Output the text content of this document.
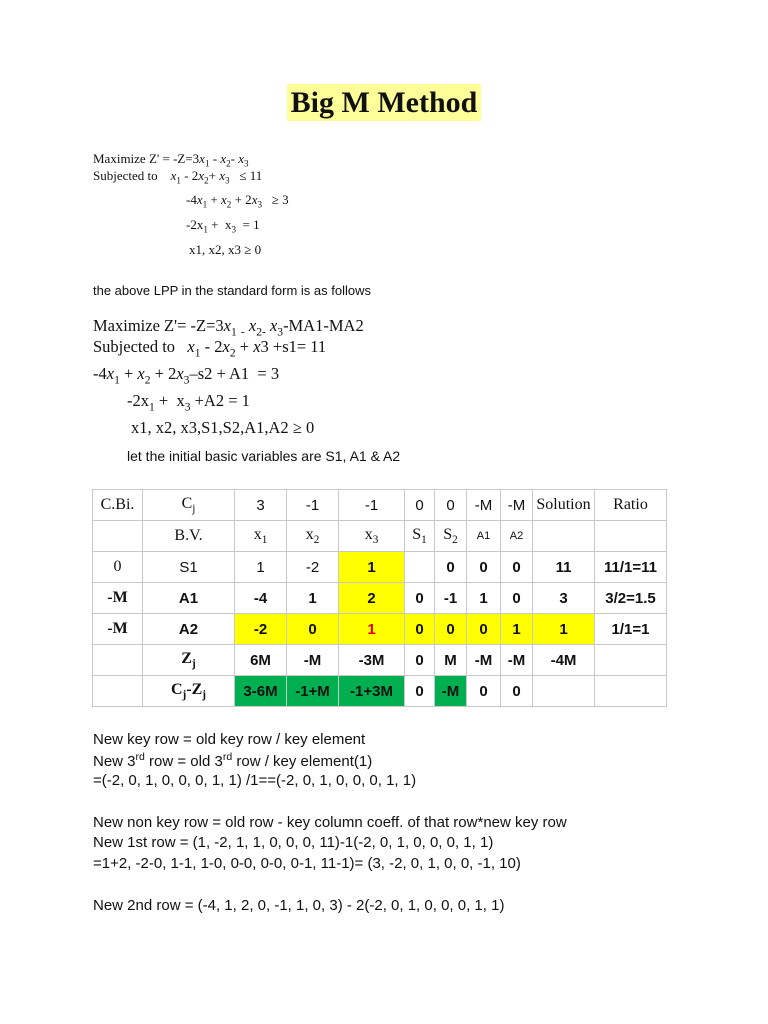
Big M Method
Maximize $Z' = -Z=3x_1 - x_2-$ $x_3$
Subjected to    $x_1 - 2x_2+ x_3 \le 11$
$-4x_1 + x_2 + 2x_3 \ge 3$
$-2x_1 + x_3 = 1$
x1, x2, x3 ≥ 0
the above LPP in the standard form is as follows
Maximize $Z'= -Z=3x_1$ $_-$ $x_{2-}$ $x_3-MA1-MA2$
Subjected to   $x_1 - 2x_2 + x3 +s1= 11$
$-4x_1 + x_2 + 2x_3-s2 + A1 = 3$
$-2x_1 + x_3 +A2 = 1$
x1, x2, x3,S1,S2,A1,A2 ≥ 0
let the initial basic variables are S1, A1 & A2
C.Bi.	$C_j$	3	-1	-1	0	0	-M	-M	Solution	Ratio
	B.V.	$x_1$	$x_2$	$x_3$	$S_1$	$S_2$	A1	A2		
0	S1	1	-2	1		0	0	0	11	11/1=11
-M	A1	-4	1	2	0	-1	1	0	3	3/2=1.5
-M	A2	-2	0	1	0	0	0	1	1	1/1=1
	$Z_j$	6M	-M	-3M	0	M	-M	-M	-4M	
	$C_j-Z_j$	3-6M	-1+M	-1+3M	0	-M	0	0		
New key row = old key row / key element
New 3rd row = old 3rd row / key element(1)
=(-2, 0, 1, 0, 0, 0, 1, 1) /1==(-2, 0, 1, 0, 0, 0, 1, 1)
New non key row = old row - key column coeff. of that row*new key row
New 1st row = (1, -2, 1, 1, 0, 0, 0, 11)-1(-2, 0, 1, 0, 0, 0, 1, 1)
=1+2, -2-0, 1-1, 1-0, 0-0, 0-0, 0-1, 11-1)= (3, -2, 0, 1, 0, 0, -1, 10)
New 2nd row = (-4, 1, 2, 0, -1, 1, 0, 3) - 2(-2, 0, 1, 0, 0, 0, 1, 1)
